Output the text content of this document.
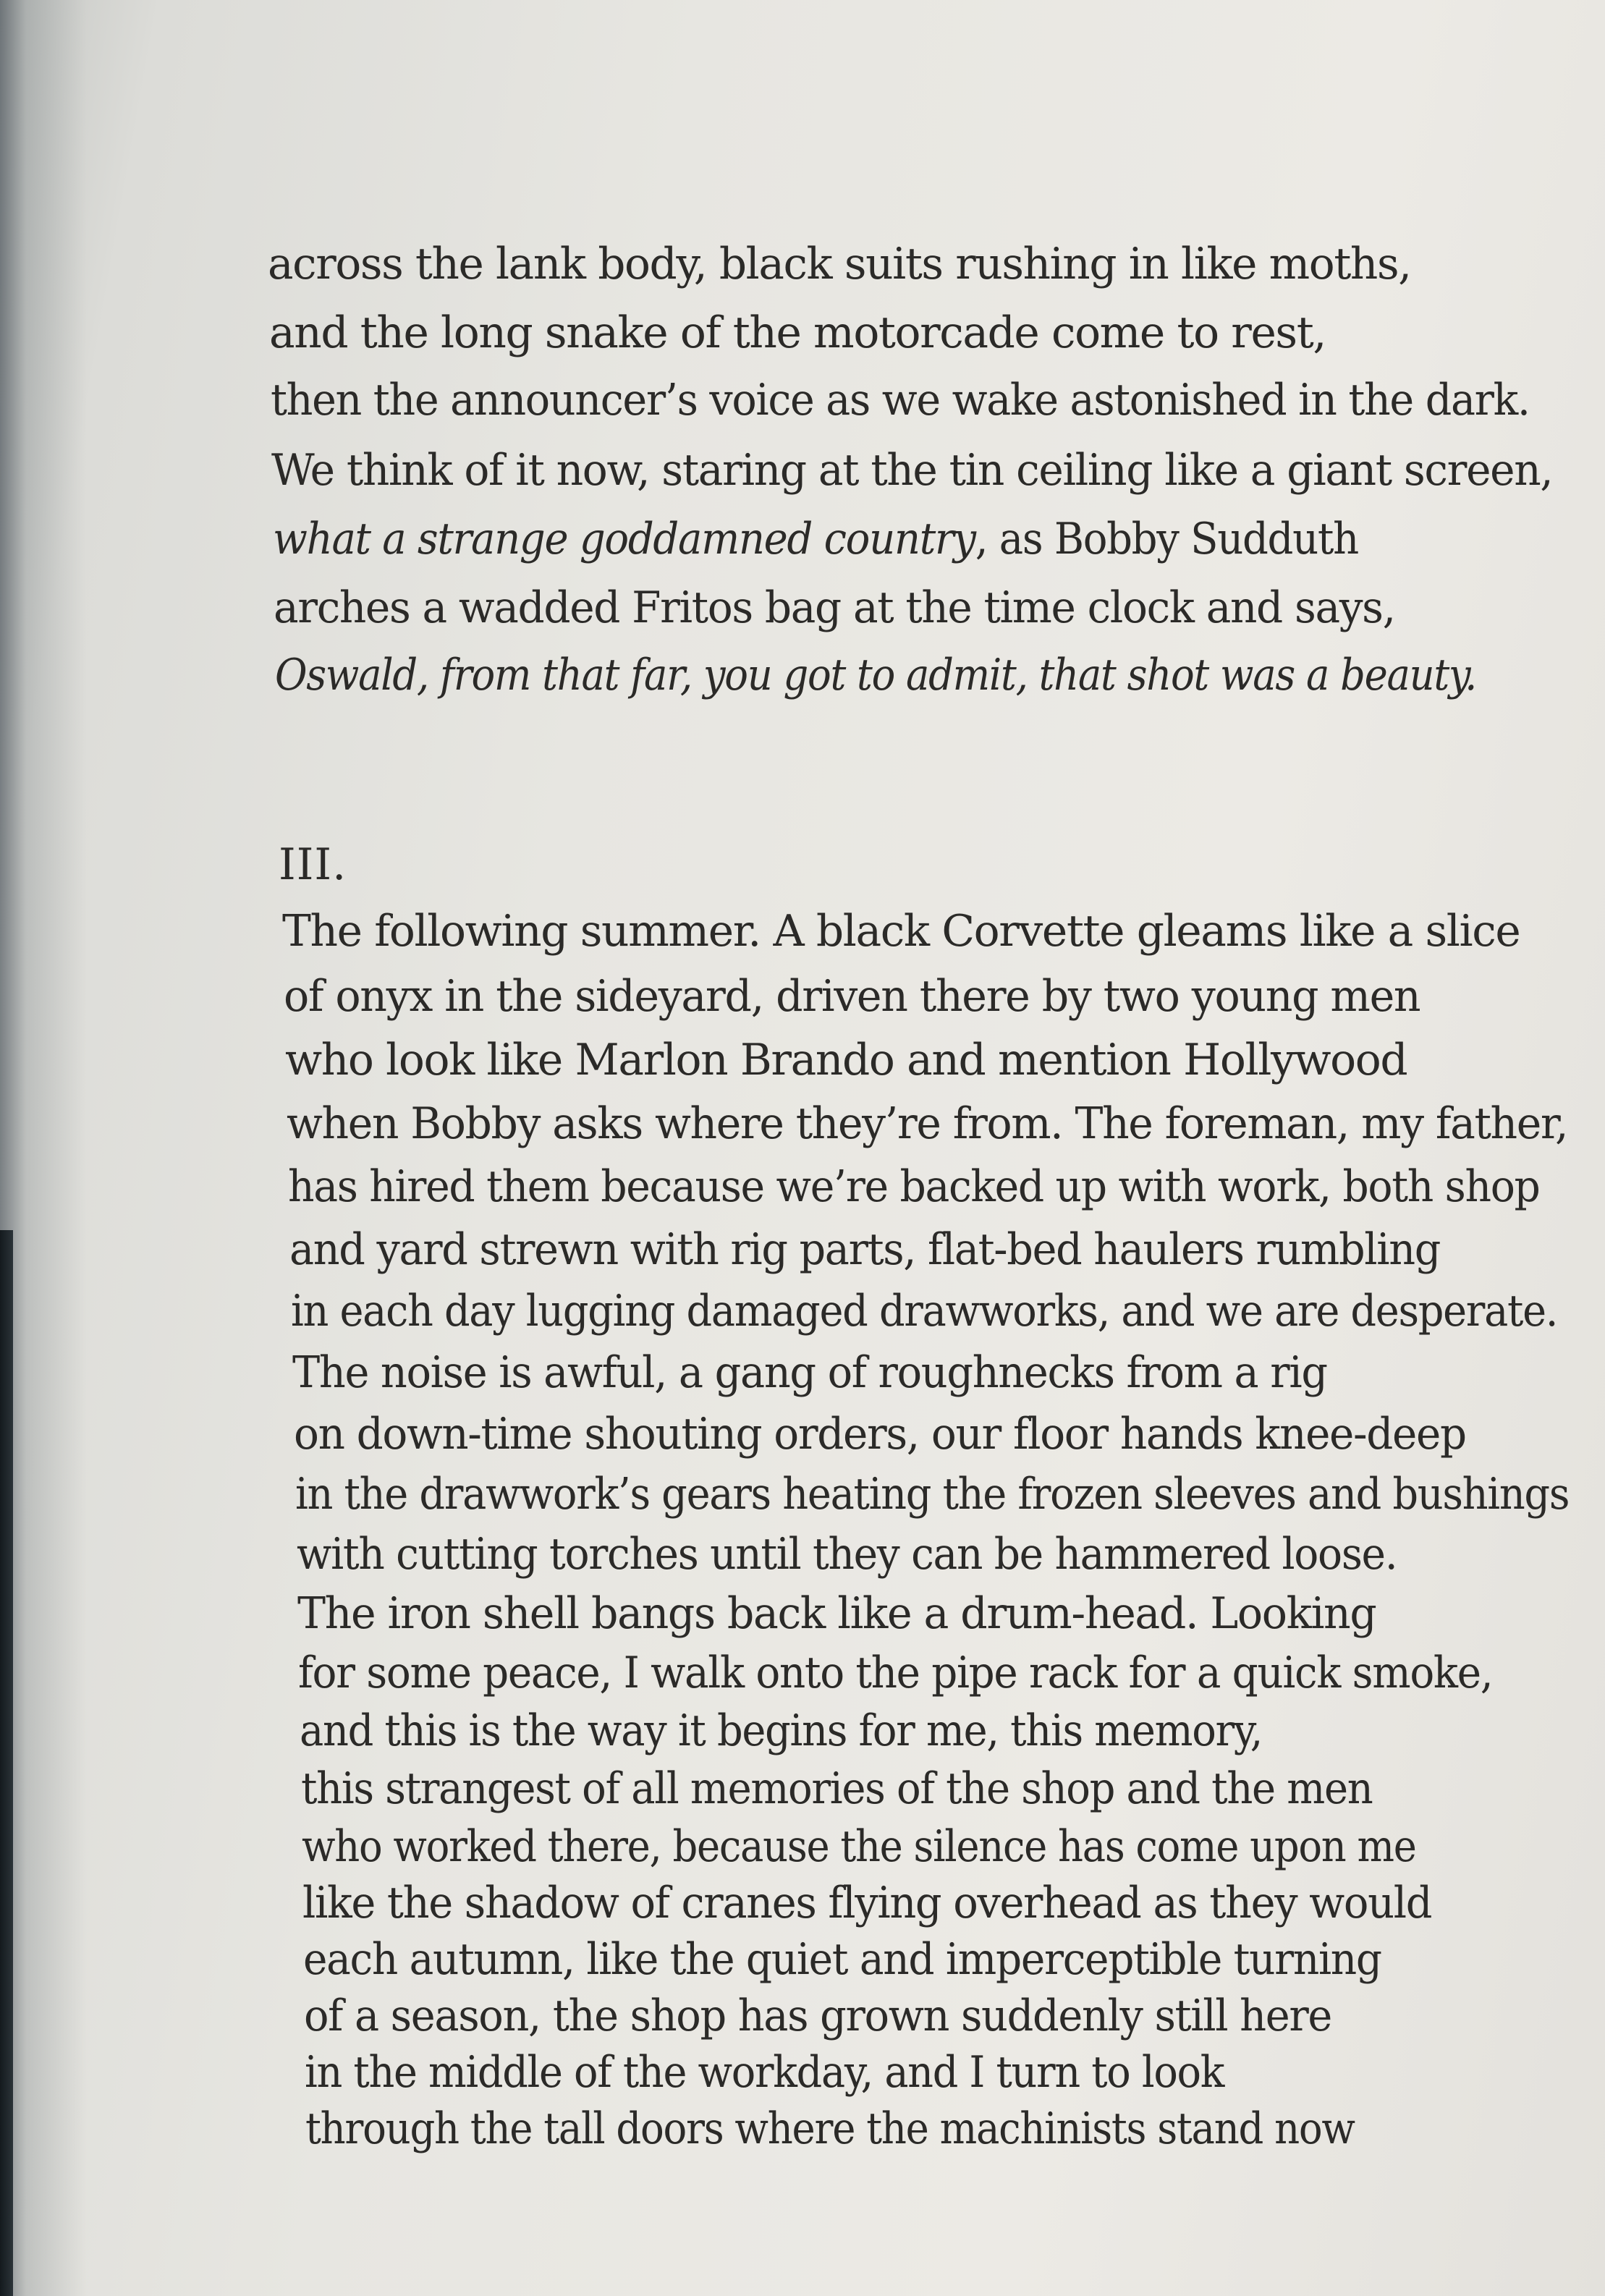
across the lank body, black suits rushing in like moths,
and the long snake of the motorcade come to rest,
then the announcer’s voice as we wake astonished in the dark.
We think of it now, staring at the tin ceiling like a giant screen,
what a strange goddamned country, as Bobby Sudduth
arches a wadded Fritos bag at the time clock and says,
Oswald, from that far, you got to admit, that shot was a beauty.
III.
The following summer. A black Corvette gleams like a slice
of onyx in the sideyard, driven there by two young men
who look like Marlon Brando and mention Hollywood
when Bobby asks where they’re from. The foreman, my father,
has hired them because we’re backed up with work, both shop
and yard strewn with rig parts, flat-bed haulers rumbling
in each day lugging damaged drawworks, and we are desperate.
The noise is awful, a gang of roughnecks from a rig
on down-time shouting orders, our floor hands knee-deep
in the drawwork’s gears heating the frozen sleeves and bushings
with cutting torches until they can be hammered loose.
The iron shell bangs back like a drum-head. Looking
for some peace, I walk onto the pipe rack for a quick smoke,
and this is the way it begins for me, this memory,
this strangest of all memories of the shop and the men
who worked there, because the silence has come upon me
like the shadow of cranes flying overhead as they would
each autumn, like the quiet and imperceptible turning
of a season, the shop has grown suddenly still here
in the middle of the workday, and I turn to look
through the tall doors where the machinists stand now
